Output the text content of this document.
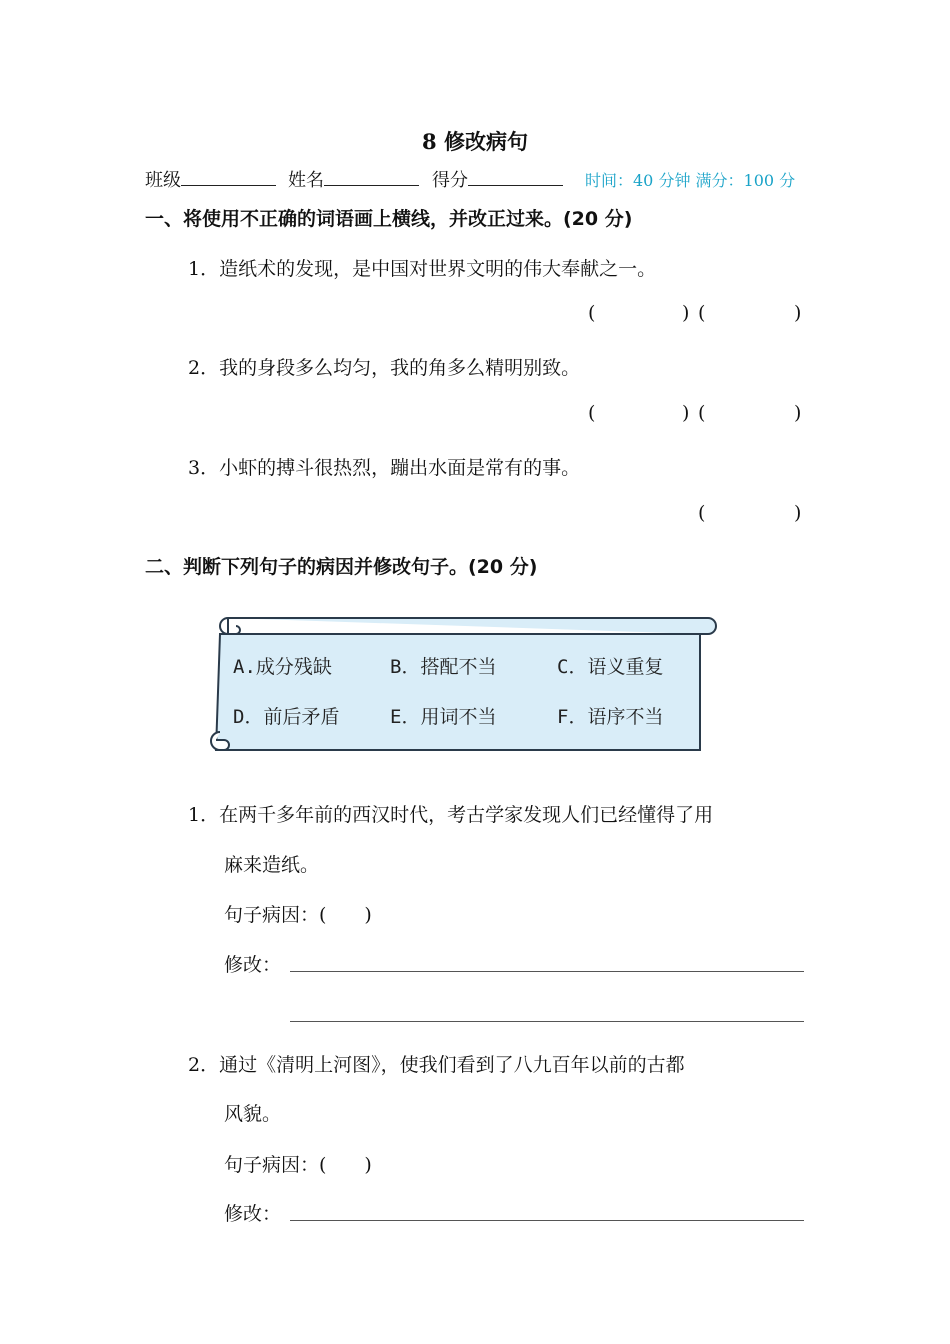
8 修改病句
班级	姓名	得分	时间：40 分钟 满分：100 分
一、将使用不正确的词语画上横线，并改正过来。(20 分)
1．造纸术的发现，是中国对世界文明的伟大奉献之一。
(	) (	)
2．我的身段多么均匀，我的角多么精明别致。
(	) (	)
3．小虾的搏斗很热烈，蹦出水面是常有的事。
(	)
二、判断下列句子的病因并修改句子。(20 分)
A.成分残缺	B．搭配不当	C．语义重复
D．前后矛盾	E．用词不当	F．语序不当
1．在两千多年前的西汉时代，考古学家发现人们已经懂得了用
麻来造纸。
句子病因：(　　)
修改：
2．通过《清明上河图》，使我们看到了八九百年以前的古都
风貌。
句子病因：(　　)
修改：
